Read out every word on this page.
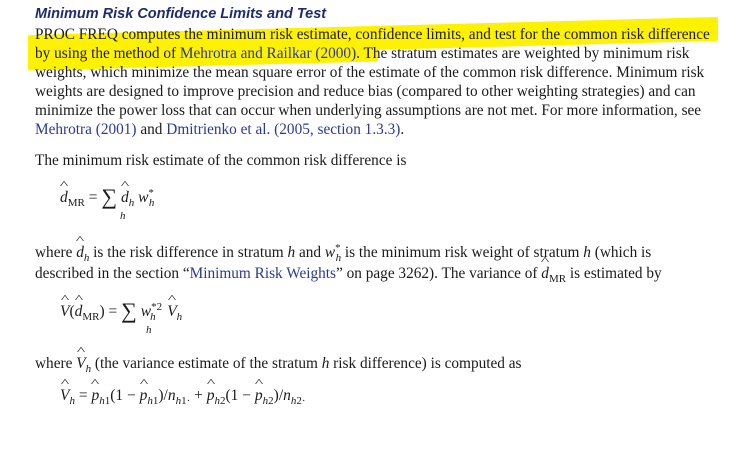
Minimum Risk Confidence Limits and Test
PROC FREQ computes the minimum risk estimate, confidence limits, and test for the common risk difference
by using the method of Mehrotra and Railkar (2000). The stratum estimates are weighted by minimum risk
weights, which minimize the mean square error of the estimate of the common risk difference. Minimum risk
weights are designed to improve precision and reduce bias (compared to other weighting strategies) and can
minimize the power loss that can occur when underlying assumptions are not met. For more information, see
Mehrotra (2001) and Dmitrienko et al. (2005, section 1.3.3).
The minimum risk estimate of the common risk difference is
^ $d_{MR}$ = ∑ ^ $d_h$ $w^*_h$
h
where ^ $d_h$ is the risk difference in stratum h and $w^*_h$ is the minimum risk weight of stratum h (which is
described in the section “Minimum Risk Weights” on page 3262). The variance of ^ $d_{MR}$ is estimated by
^ V(^ $d_{MR}$) = ∑ $w^{*2}_h$ ^ $V_h$
h
where ^ $V_h$ (the variance estimate of the stratum h risk difference) is computed as
^ $V_h$ = ^ $p_{h1}(1$ − ^ $p_{h1})/n_{h1\cdot}$ + ^ $p_{h2}(1$ − ^ $p_{h2})/n_{h2\cdot}$
